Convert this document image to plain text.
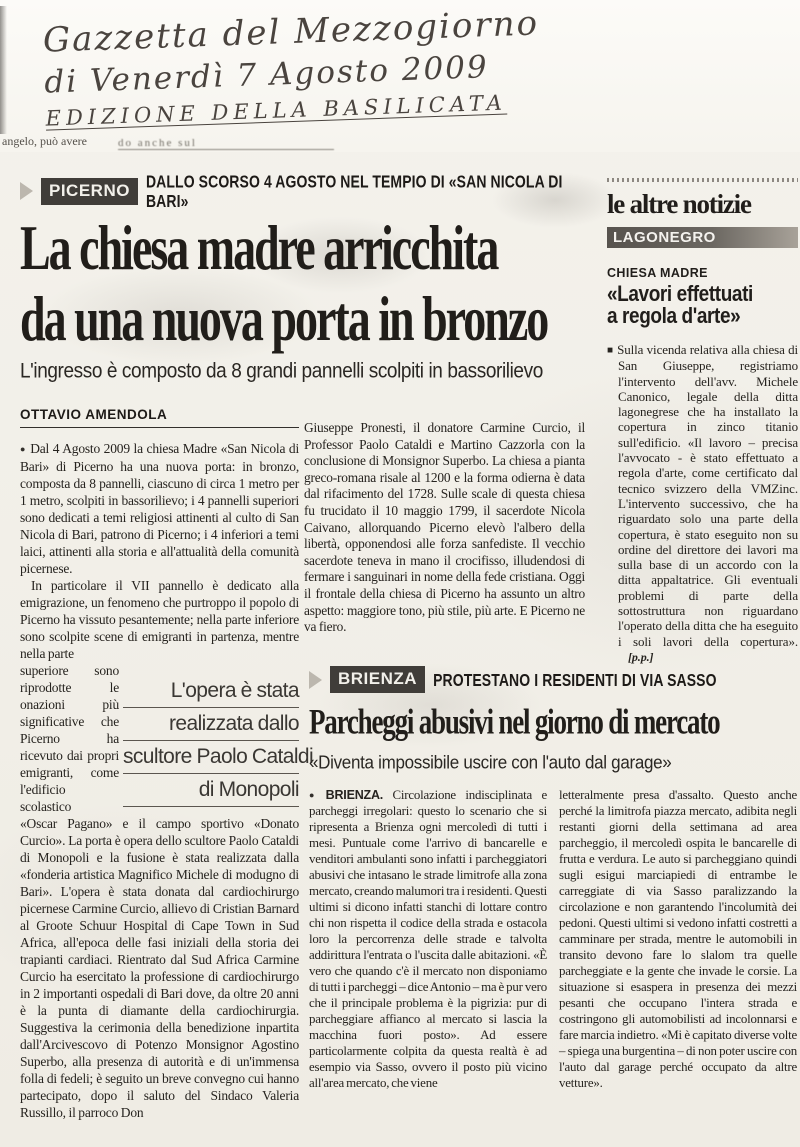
Gazzetta del Mezzogiorno
di Venerdì 7 Agosto 2009
EDIZIONE DELLA BASILICATA
angelo, può avere	do anche sul
PICERNO	DALLO SCORSO 4 AGOSTO NEL TEMPIO DI «SAN NICOLA DI BARI»
La chiesa madre arricchita
da una nuova porta in bronzo
L'ingresso è composto da 8 grandi pannelli scolpiti in bassorilievo
OTTAVIO AMENDOLA

● Dal 4 Agosto 2009 la chiesa Madre «San Nicola di Bari» di Picerno ha una nuova porta: in bronzo, composta da 8 pannelli, ciascuno di circa 1 metro per 1 metro, scolpiti in bassorilievo; i 4 pannelli superiori sono dedicati a temi religiosi attinenti al culto di San Nicola di Bari, patrono di Picerno; i 4 inferiori a temi laici, attinenti alla storia e all'attualità della comunità picernese.

In particolare il VII pannello è dedicato alla emigrazione, un fenomeno che purtroppo il popolo di Picerno ha vissuto pesantemente; nella parte inferiore sono scolpite scene di emigranti in partenza, mentre nella parte

superiore sono riprodotte le onazioni più significative che Picerno ha ricevuto dai propri emigranti, come l'edificio scolastico
L'opera è stata
realizzata dallo
scultore Paolo Cataldi
di Monopoli

«Oscar Pagano» e il campo sportivo «Donato Curcio». La porta è opera dello scultore Paolo Cataldi di Monopoli e la fusione è stata realizzata dalla «fonderia artistica Magnifico Michele di modugno di Bari». L'opera è stata donata dal cardiochirurgo picernese Carmine Curcio, allievo di Cristian Barnard al Groote Schuur Hospital di Cape Town in Sud Africa, all'epoca delle fasi iniziali della storia dei trapianti cardiaci. Rientrato dal Sud Africa Carmine Curcio ha esercitato la professione di cardiochirurgo in 2 importanti ospedali di Bari dove, da oltre 20 anni è la punta di diamante della cardiochirurgia. Suggestiva la cerimonia della benedizione inpartita dall'Arcivescovo di Potenzo Monsignor Agostino Superbo, alla presenza di autorità e di un'immensa folla di fedeli; è seguito un breve convegno cui hanno partecipato, dopo il saluto del Sindaco Valeria Russillo, il parroco Don

Giuseppe Pronesti, il donatore Carmine Curcio, il Professor Paolo Cataldi e Martino Cazzorla con la conclusione di Monsignor Superbo. La chiesa a pianta greco-romana risale al 1200 e la forma odierna è data dal rifacimento del 1728. Sulle scale di questa chiesa fu trucidato il 10 maggio 1799, il sacerdote Nicola Caivano, allorquando Picerno elevò l'albero della libertà, opponendosi alle forza sanfediste. Il vecchio sacerdote teneva in mano il crocifisso, illudendosi di fermare i sanguinari in nome della fede cristiana. Oggi il frontale della chiesa di Picerno ha assunto un altro aspetto: maggiore tono, più stile, più arte. E Picerno ne va fiero.
le altre notizie
LAGONEGRO
CHIESA MADRE
«Lavori effettuati
a regola d'arte»
■ Sulla vicenda relativa alla chiesa di San Giuseppe, registriamo l'intervento dell'avv. Michele Canonico, legale della ditta lagonegrese che ha installato la copertura in zinco titanio sull'edificio. «Il lavoro – precisa l'avvocato - è stato effettuato a regola d'arte, come certificato dal tecnico svizzero della VMZinc. L'intervento successivo, che ha riguardato solo una parte della copertura, è stato eseguito non su ordine del direttore dei lavori ma sulla base di un accordo con la ditta appaltatrice. Gli eventuali problemi di parte della sottostruttura non riguardano l'operato della ditta che ha eseguito i soli lavori della copertura».[p.p.]
BRIENZA	PROTESTANO I RESIDENTI DI VIA SASSO
Parcheggi abusivi nel giorno di mercato
«Diventa impossibile uscire con l'auto dal garage»

● BRIENZA. Circolazione indisciplinata e parcheggi irregolari: questo lo scenario che si ripresenta a Brienza ogni mercoledì di tutti i mesi. Puntuale come l'arrivo di bancarelle e venditori ambulanti sono infatti i parcheggiatori abusivi che intasano le strade limitrofe alla zona mercato, creando malumori tra i residenti. Questi ultimi si dicono infatti stanchi di lottare contro chi non rispetta il codice della strada e ostacola loro la percorrenza delle strade e talvolta addirittura l'entrata o l'uscita dalle abitazioni. «È vero che quando c'è il mercato non disponiamo di tutti i parcheggi – dice Antonio – ma è pur vero che il principale problema è la pigrizia: pur di parcheggiare affianco al mercato si lascia la macchina fuori posto». Ad essere particolarmente colpita da questa realtà è ad esempio via Sasso, ovvero il posto più vicino all'area mercato, che viene

letteralmente presa d'assalto. Questo anche perché la limitrofa piazza mercato, adibita negli restanti giorni della settimana ad area parcheggio, il mercoledì ospita le bancarelle di frutta e verdura. Le auto si parcheggiano quindi sugli esigui marciapiedi di entrambe le carreggiate di via Sasso paralizzando la circolazione e non garantendo l'incolumità dei pedoni. Questi ultimi si vedono infatti costretti a camminare per strada, mentre le automobili in transito devono fare lo slalom tra quelle parcheggiate e la gente che invade le corsie. La situazione si esaspera in presenza dei mezzi pesanti che occupano l'intera strada e costringono gli automobilisti ad incolonnarsi e fare marcia indietro. «Mi è capitato diverse volte – spiega una burgentina – di non poter uscire con l'auto dal garage perché occupato da altre vetture».
